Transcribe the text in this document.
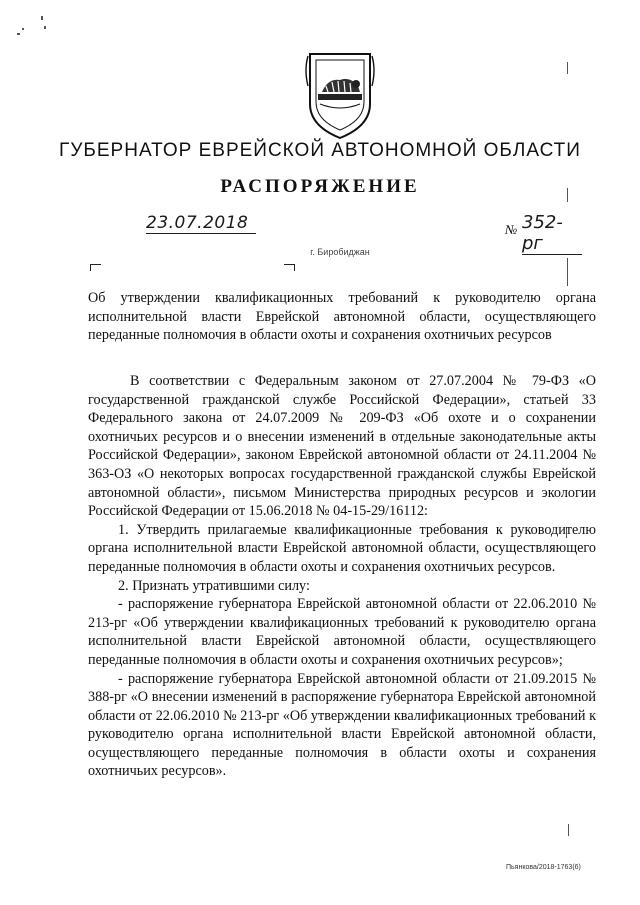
ГУБЕРНАТОР ЕВРЕЙСКОЙ АВТОНОМНОЙ ОБЛАСТИ
РАСПОРЯЖЕНИЕ
23.07.2018	№ 352-рг
г. Биробиджан
Об утверждении квалификационных требований к руководителю органа исполнительной власти Еврейской автономной области, осуществляющего переданные полномочия в области охоты и сохранения охотничьих ресурсов

В соответствии с Федеральным законом от 27.07.2004 № 79-ФЗ «О государственной гражданской службе Российской Федерации», статьей 33 Федерального закона от 24.07.2009 № 209-ФЗ «Об охоте и о сохранении охотничьих ресурсов и о внесении изменений в отдельные законодательные акты Российской Федерации», законом Еврейской автономной области от 24.11.2004 № 363-ОЗ «О некоторых вопросах государственной гражданской службы Еврейской автономной области», письмом Министерства природных ресурсов и экологии Российской Федерации от 15.06.2018 № 04-15-29/16112:

1. Утвердить прилагаемые квалификационные требования к руководителю органа исполнительной власти Еврейской автономной области, осуществляющего переданные полномочия в области охоты и сохранения охотничьих ресурсов.

2. Признать утратившими силу:

- распоряжение губернатора Еврейской автономной области от 22.06.2010 № 213-рг «Об утверждении квалификационных требований к руководителю органа исполнительной власти Еврейской автономной области, осуществляющего переданные полномочия в области охоты и сохранения охотничьих ресурсов»;

- распоряжение губернатора Еврейской автономной области от 21.09.2015 № 388-рг «О внесении изменений в распоряжение губернатора Еврейской автономной области от 22.06.2010 № 213-рг «Об утверждении квалификационных требований к руководителю органа исполнительной власти Еврейской автономной области, осуществляющего переданные полномочия в области охоты и сохранения охотничьих ресурсов».

Пьянкова/2018-1763(6)
